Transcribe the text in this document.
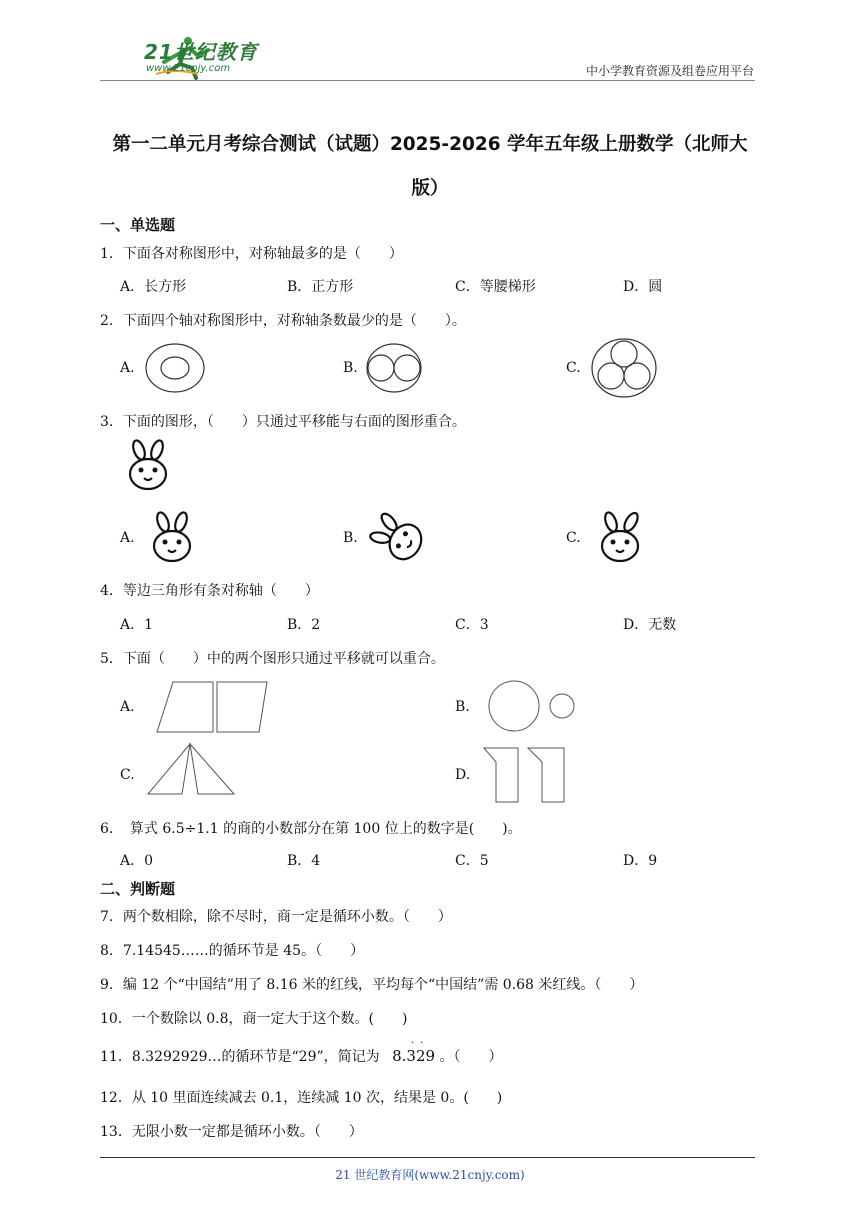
21世纪教育
www.21cnjy.com	中小学教育资源及组卷应用平台
第一二单元月考综合测试（试题）2025-2026 学年五年级上册数学（北师大
版）
一、单选题
1．下面各对称图形中，对称轴最多的是（　　）
A．长方形	B．正方形	C．等腰梯形	D．圆
2．下面四个轴对称图形中，对称轴条数最少的是（　　）。
A.	B.	C.
3．下面的图形，（　　）只通过平移能与右面的图形重合。
A.	B.	C.
4．等边三角形有条对称轴（　　）
A．1	B．2	C．3	D．无数
5．下面（　　）中的两个图形只通过平移就可以重合。
A.	B.
C.	D.
6．　算式 6.5÷1.1 的商的小数部分在第 100 位上的数字是(　　)。
A．0	B．4	C．5	D．9
二、判断题
7．两个数相除，除不尽时，商一定是循环小数。（　　）
8．7.14545……的循环节是 45。（　　）
9．编 12 个“中国结”用了 8.16 米的红线，平均每个“中国结”需 0.68 米红线。（　　）
10．一个数除以 0.8，商一定大于这个数。(　　)
11．8.3292929…的循环节是“29”，简记为 8.329
· ·
。（　　）
12．从 10 里面连续减去 0.1，连续减 10 次，结果是 0。(　　)
13．无限小数一定都是循环小数。（　　）
21 世纪教育网(www.21cnjy.com)
